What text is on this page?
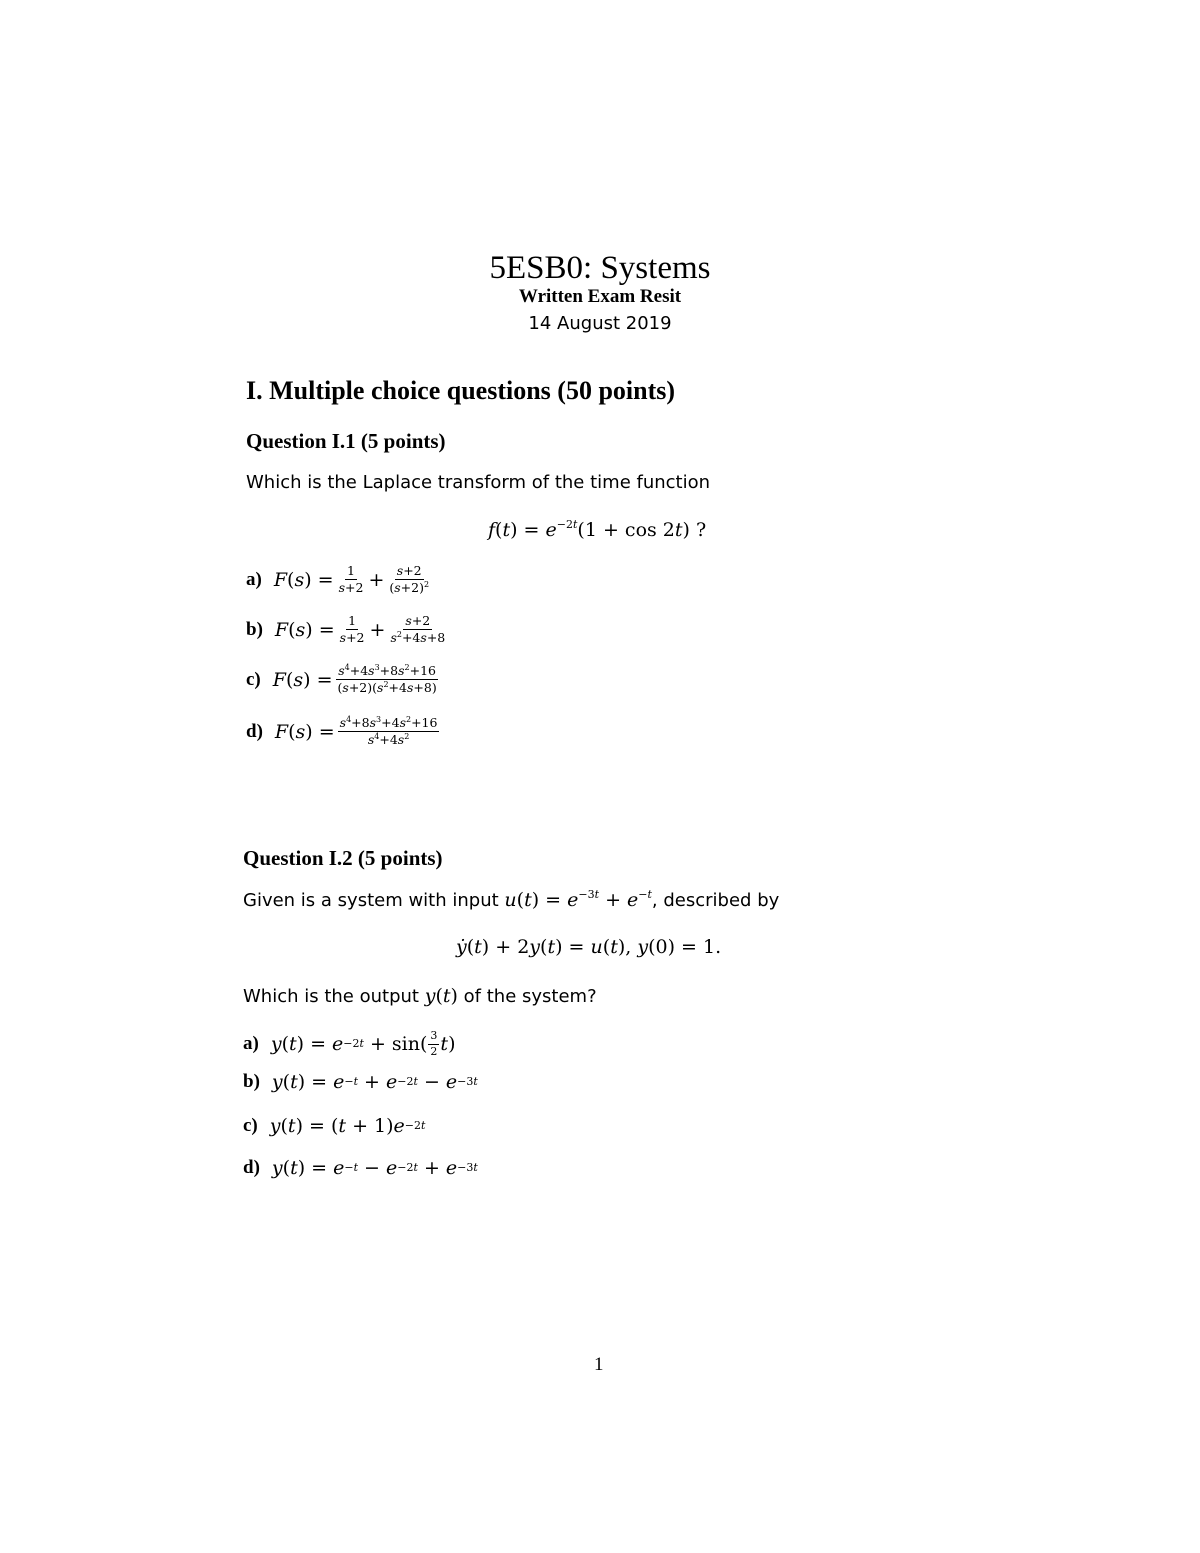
5ESB0: Systems
Written Exam Resit
14 August 2019
I. Multiple choice questions (50 points)
Question I.1 (5 points)
Which is the Laplace transform of the time function
$f(t) = e^{-2t}(1 + \cos 2t)$ ?
a) F ( s ) = $\frac{1}{s+2} + \frac{s+2}{(s+2)^2}$
b) F ( s ) = $\frac{1}{s+2} + \frac{s+2}{s^2+4s+8}$
c) F ( s ) = $\frac{s^4+4s^3+8s^2+16}{(s+2)(s^2+4s+8)}$
d) F ( s ) = $\frac{s^4+8s^3+4s^2+16}{s^4+4s^2}$
Question I.2 (5 points)
Given is a system with input $u(t) = e^{-3t} + e^{-t}$, described by
ẏ(t) + 2y(t) = u(t), y(0) = 1.
Which is the output y(t) of the system?
a) y ( t ) = $e -2t + \sin( \frac{3}{2}$ t )
b) y ( t ) = e −t + e −2t − e −3t
c) y ( t ) = ( t + 1) e −2t
d) y ( t ) = e −t − e −2t + e −3t
1
